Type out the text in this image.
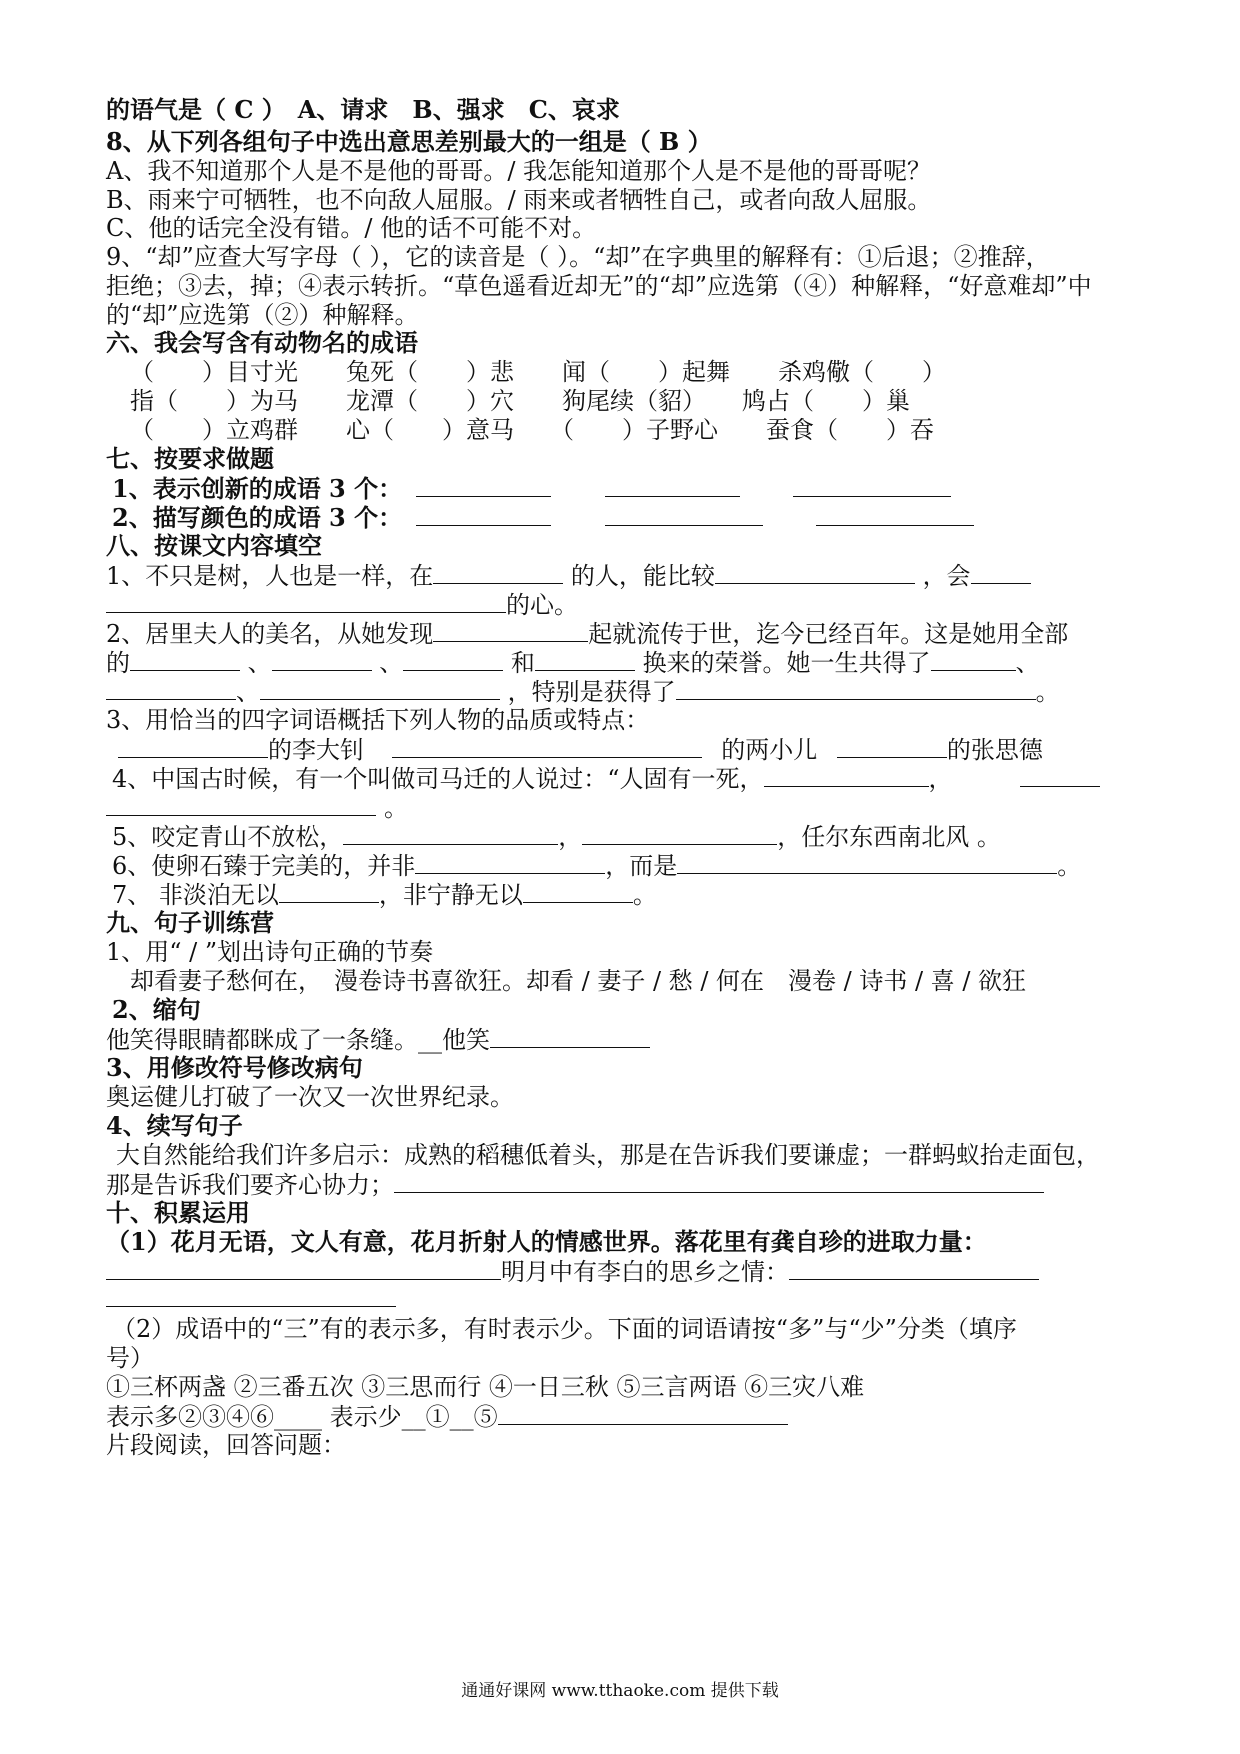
的语气是（ C ）　A、请求　B、强求　C、哀求
8、从下列各组句子中选出意思差别最大的一组是（ B ）
A、我不知道那个人是不是他的哥哥。/ 我怎能知道那个人是不是他的哥哥呢？
B、雨来宁可牺牲，也不向敌人屈服。/ 雨来或者牺牲自己，或者向敌人屈服。
C、他的话完全没有错。/ 他的话不可能不对。
9、“却”应查大写字母（ ），它的读音是（ ）。“却”在字典里的解释有：①后退；②推辞，
拒绝；③去，掉；④表示转折。“草色遥看近却无”的“却”应选第（④）种解释，“好意难却”中
的“却”应选第（②）种解释。
六、我会写含有动物名的成语
（　　）目寸光　　兔死（　　）悲　　闻（　　）起舞　　杀鸡儆（　　）
指（　　）为马　　龙潭（　　）穴　　狗尾续（貂）　　鸠占（　　）巢
（　　）立鸡群　　心（　　）意马　　（　　）子野心　　蚕食（　　）吞
七、按要求做题
1、表示创新的成语 3 个：
2、描写颜色的成语 3 个：
八、按课文内容填空
1、不只是树，人也是一样，在	的人，能比较	，会
的心。
2、居里夫人的美名，从她发现	起就流传于世，迄今已经百年。这是她用全部
的	、	、	和	换来的荣誉。她一生共得了	、
、	，特别是获得了	。
3、用恰当的四字词语概括下列人物的品质或特点：
的李大钊	的两小儿	的张思德
4、中国古时候，有一个叫做司马迁的人说过：“人固有一死，	，
。
5、咬定青山不放松，	，	，任尔东西南北风 。
6、使卵石臻于完美的，并非	，而是	。
7、 非淡泊无以	，非宁静无以	。
九、句子训练营
1、用“ / ”划出诗句正确的节奏
却看妻子愁何在，　漫卷诗书喜欲狂。却看 / 妻子 / 愁 / 何在　漫卷 / 诗书 / 喜 / 欲狂
2、缩句
他笑得眼睛都眯成了一条缝。__他笑
3、用修改符号修改病句
奥运健儿打破了一次又一次世界纪录。
4、续写句子
大自然能给我们许多启示：成熟的稻穗低着头，那是在告诉我们要谦虚；一群蚂蚁抬走面包，
那是告诉我们要齐心协力；
十、积累运用
（1）花月无语，文人有意，花月折射人的情感世界。落花里有龚自珍的进取力量：
明月中有李白的思乡之情：
（2）成语中的“三”有的表示多，有时表示少。下面的词语请按“多”与“少”分类（填序
号）
①三杯两盏 ②三番五次 ③三思而行 ④一日三秋 ⑤三言两语 ⑥三灾八难
表示多②③④⑥____ 表示少__①__⑤
片段阅读，回答问题：
通通好课网 www.tthaoke.com 提供下载
